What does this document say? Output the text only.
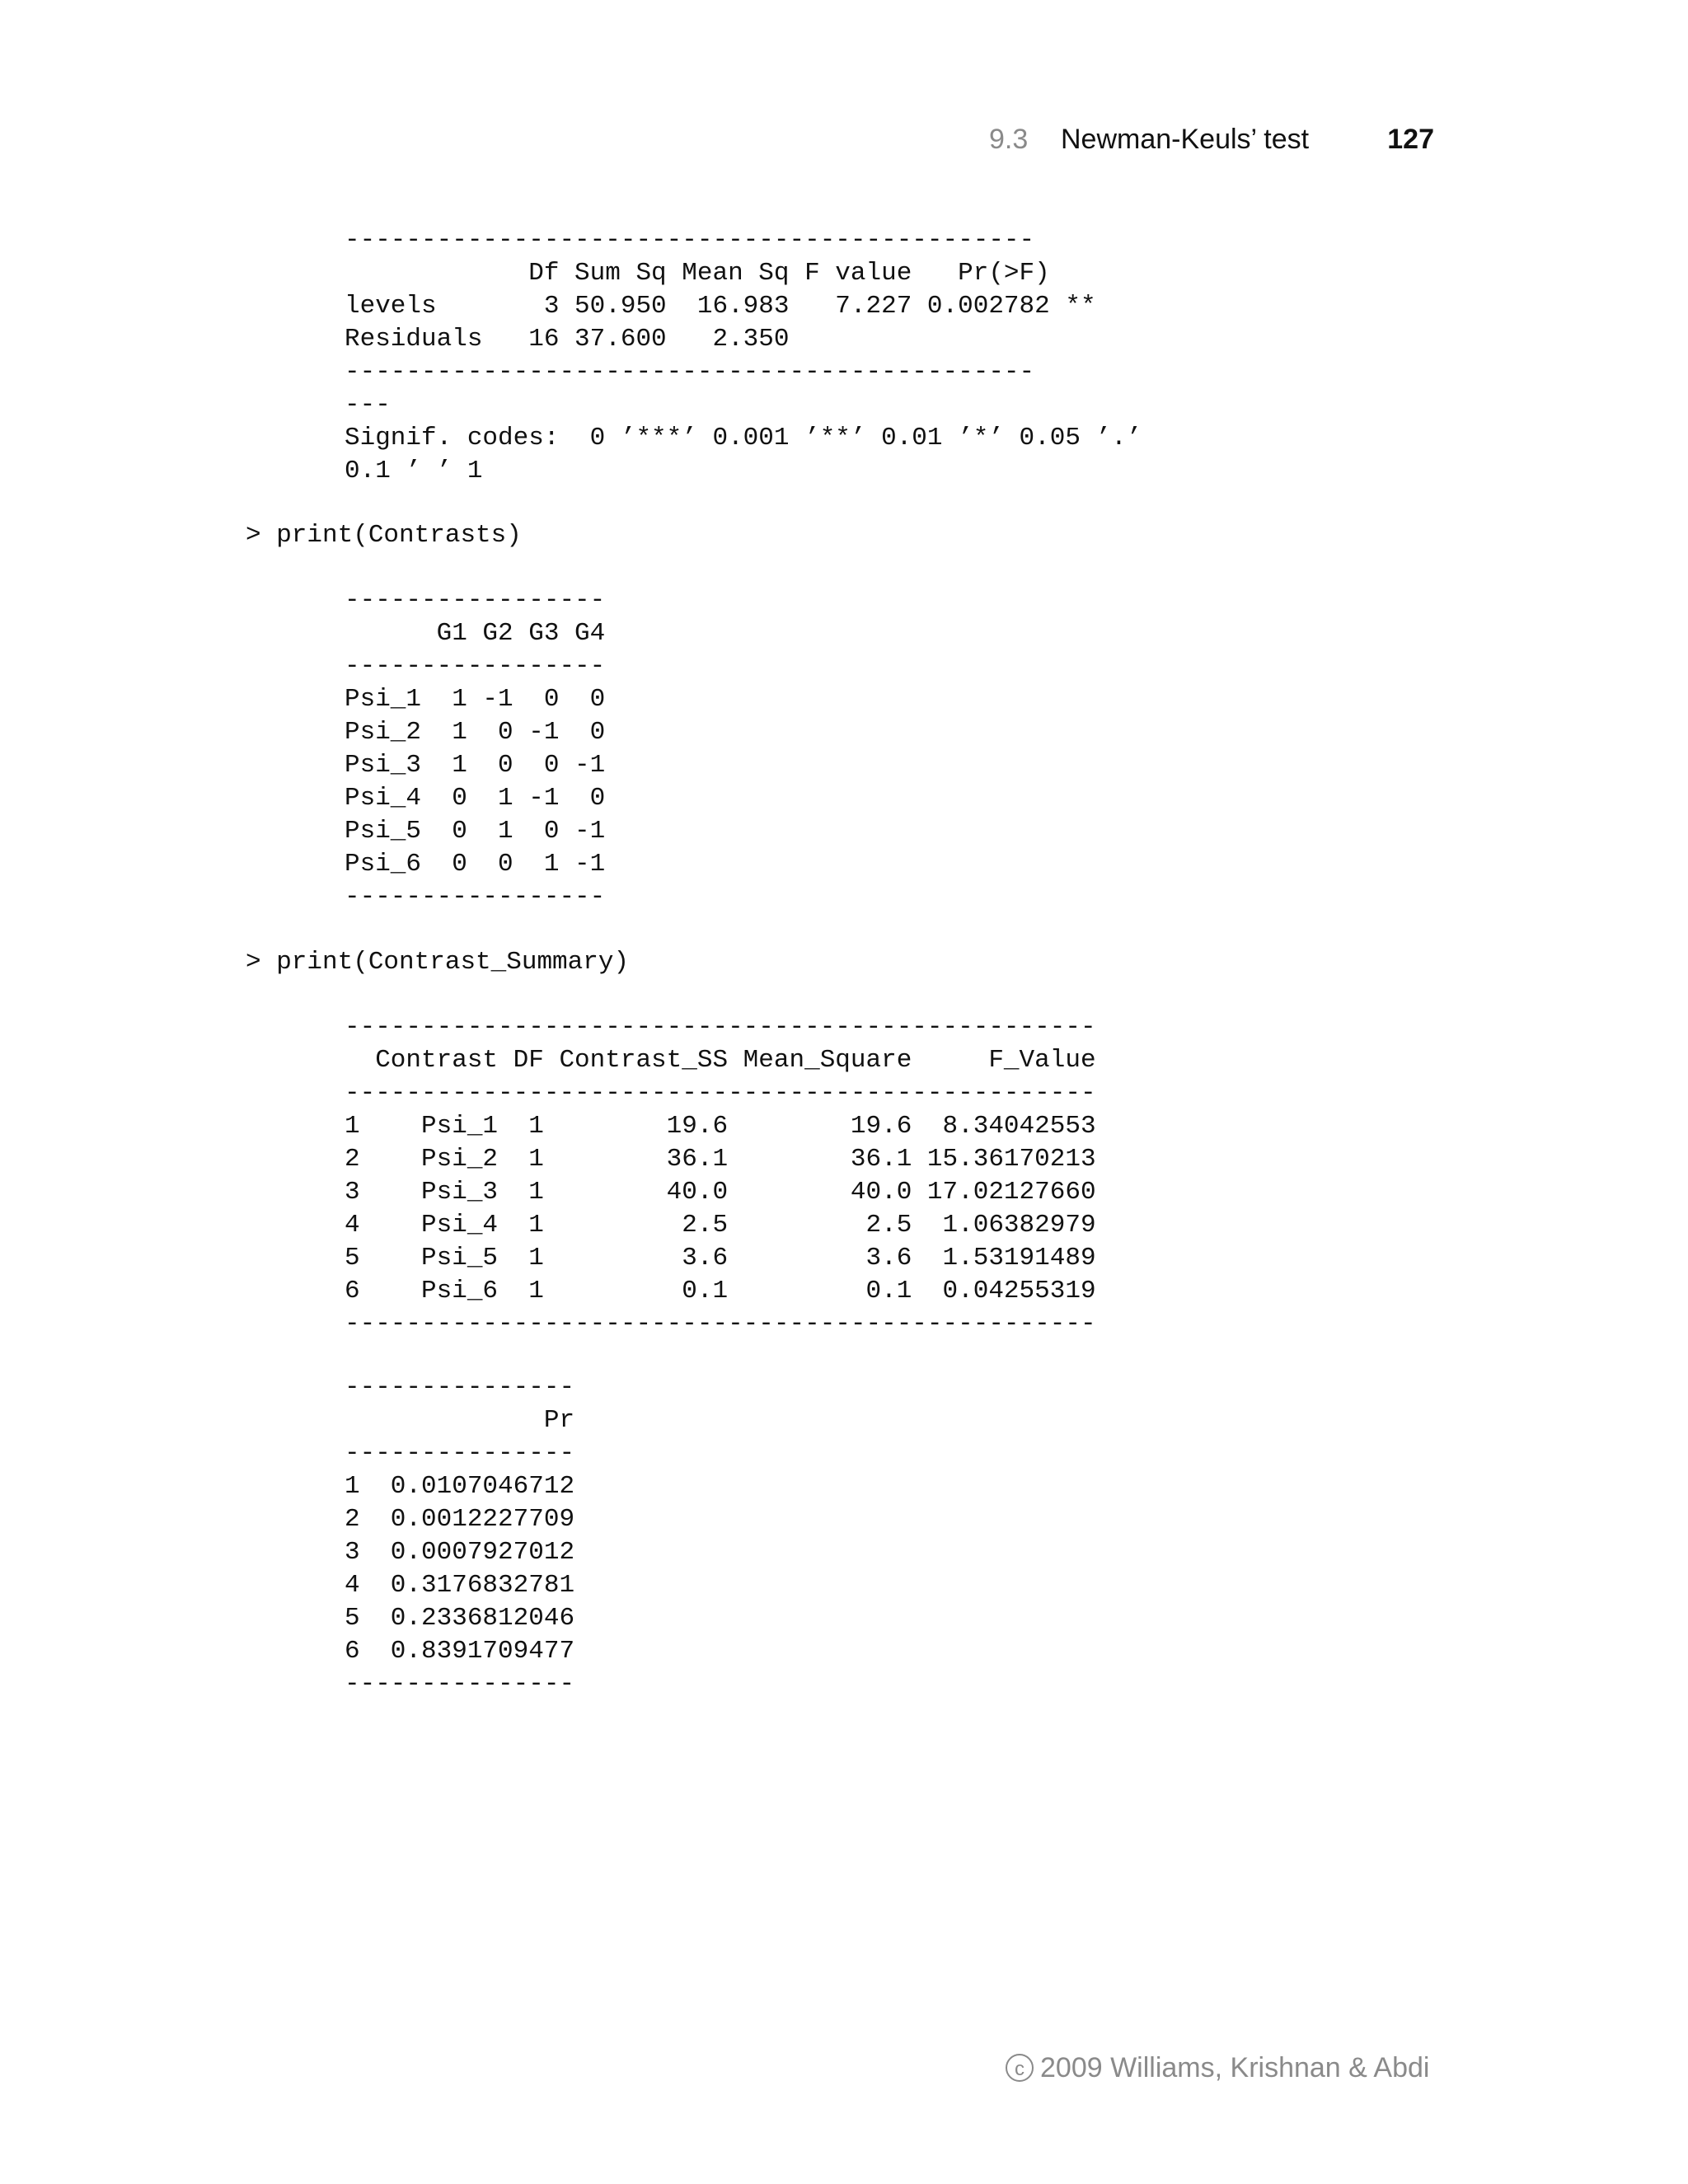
9.3 Newman-Keuls’ test	127
---------------------------------------------
Df Sum Sq Mean Sq F value   Pr(>F)
levels       3 50.950  16.983   7.227 0.002782 **
Residuals   16 37.600   2.350
---------------------------------------------
---
Signif. codes:  0 ’***’ 0.001 ’**’ 0.01 ’*’ 0.05 ’.’
0.1 ’ ’ 1
> print(Contrasts)
-----------------
G1 G2 G3 G4
-----------------
Psi_1  1 -1  0  0
Psi_2  1  0 -1  0
Psi_3  1  0  0 -1
Psi_4  0  1 -1  0
Psi_5  0  1  0 -1
Psi_6  0  0  1 -1
-----------------
> print(Contrast_Summary)
-------------------------------------------------
Contrast DF Contrast_SS Mean_Square     F_Value
-------------------------------------------------
1    Psi_1  1        19.6        19.6  8.34042553
2    Psi_2  1        36.1        36.1 15.36170213
3    Psi_3  1        40.0        40.0 17.02127660
4    Psi_4  1         2.5         2.5  1.06382979
5    Psi_5  1         3.6         3.6  1.53191489
6    Psi_6  1         0.1         0.1  0.04255319
-------------------------------------------------
---------------
Pr
---------------
1  0.0107046712
2  0.0012227709
3  0.0007927012
4  0.3176832781
5  0.2336812046
6  0.8391709477
---------------
c 2009 Williams, Krishnan & Abdi
